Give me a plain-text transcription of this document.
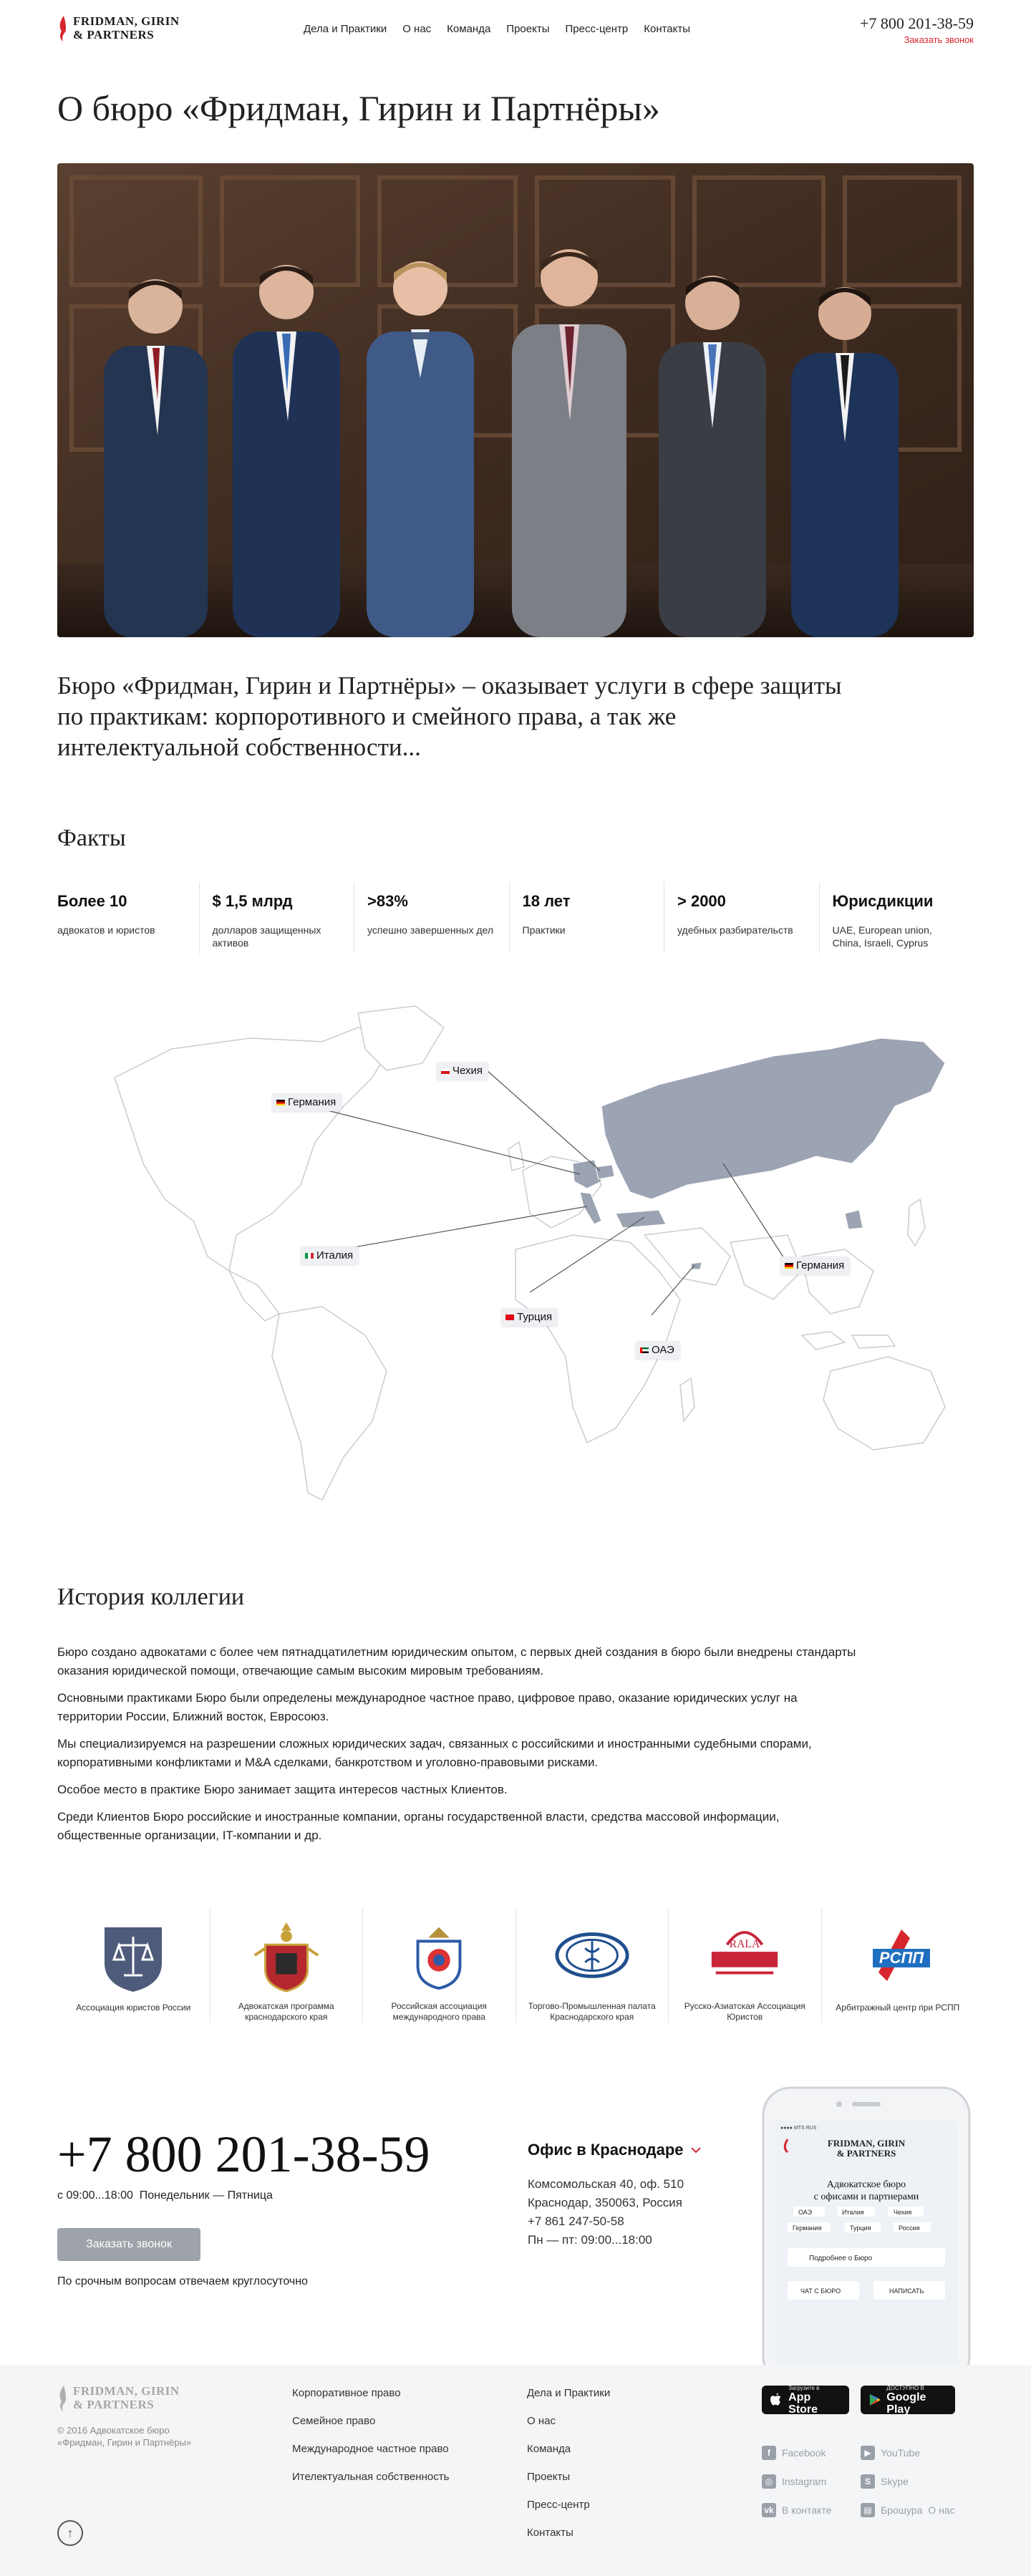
FRIDMAN, GIRIN
& PARTNERS	Дела и Практики О нас Команда Проекты Пресс-центр Контакты	+7 800 201-38-59
Заказать звонок
О бюро «Фридман, Гирин и Партнёры»

Бюро «Фридман, Гирин и Партнёры» – оказывает услуги в сфере защиты по практикам: корпоротивного и смейного права, а так же интелектуальной собственности...

Факты
Более 10
адвокатов и юристов
$ 1,5 млрд
долларов защищенных активов
>83%
успешно завершенных дел
18 лет
Практики
> 2000
удебных разбирательств
Юрисдикции
UAE, European union, China, Israeli, Cyprus
Германия
Чехия
Италия
Турция
ОАЭ
Германия
История коллегии

Бюро создано адвокатами с более чем пятнадцатилетним юридическим опытом, с первых дней создания в бюро были внедрены стандарты оказания юридической помощи, отвечающие самым высоким мировым требованиям.

Основными практиками Бюро были определены международное частное право, цифровое право, оказание юридических услуг на территории России, Ближний восток, Евросоюз.

Мы специализируемся на разрешении сложных юридических задач, связанных с российскими и иностранными судебными спорами, корпоративными конфликтами и M&A сделками, банкротством и уголовно-правовыми рисками.

Особое место в практике Бюро занимает защита интересов частных Клиентов.

Среди Клиентов Бюро российские и иностранные компании, органы государственной власти, средства массовой информации, общественные организации, IT-компании и др.

Ассоциация юристов России	Адвокатская программа краснодарского края
Российская ассоциация международного права
Торгово-Промышленная палата Краснодарского края
RALA
Русско-Азиатская Ассоциация Юристов
РСПП
Арбитражный центр при РСПП
+7 800 201-38-59
с 09:00...18:00 Понедельник — Пятница
Заказать звонок
По срочным вопросам отвечаем круглосуточно
Офис в Краснодаре
Комсомольская 40, оф. 510
Краснодар, 350063, Россия
+7 861 247-50-58
Пн — пт: 09:00...18:00
●●●● MTS RUS
FRIDMAN, GIRIN
& PARTNERS
Адвокатское бюро с офисами и партнерами
ОАЭ	Италия	Чехия
Германия	Турция	Россия
Подробнее о Бюро
ЧАТ С БЮРО	НАПИСАТЬ
FRIDMAN, GIRIN
& PARTNERS
© 2016 Адвокатское бюро
«Фридман, Гирин и Партнёры»
Корпоративное право
Семейное право
Международное частное право
Ителектуальная собственность
Дела и Практики
О нас
Команда
Проекты
Пресс-центр
Контакты
Загрузите в
App Store
ДОСТУПНО В
Google Play
f	Facebook	▶ YouTube
◎ Instagram	S	Skype
vk В контакте	▤ Брошура О нас
↑
